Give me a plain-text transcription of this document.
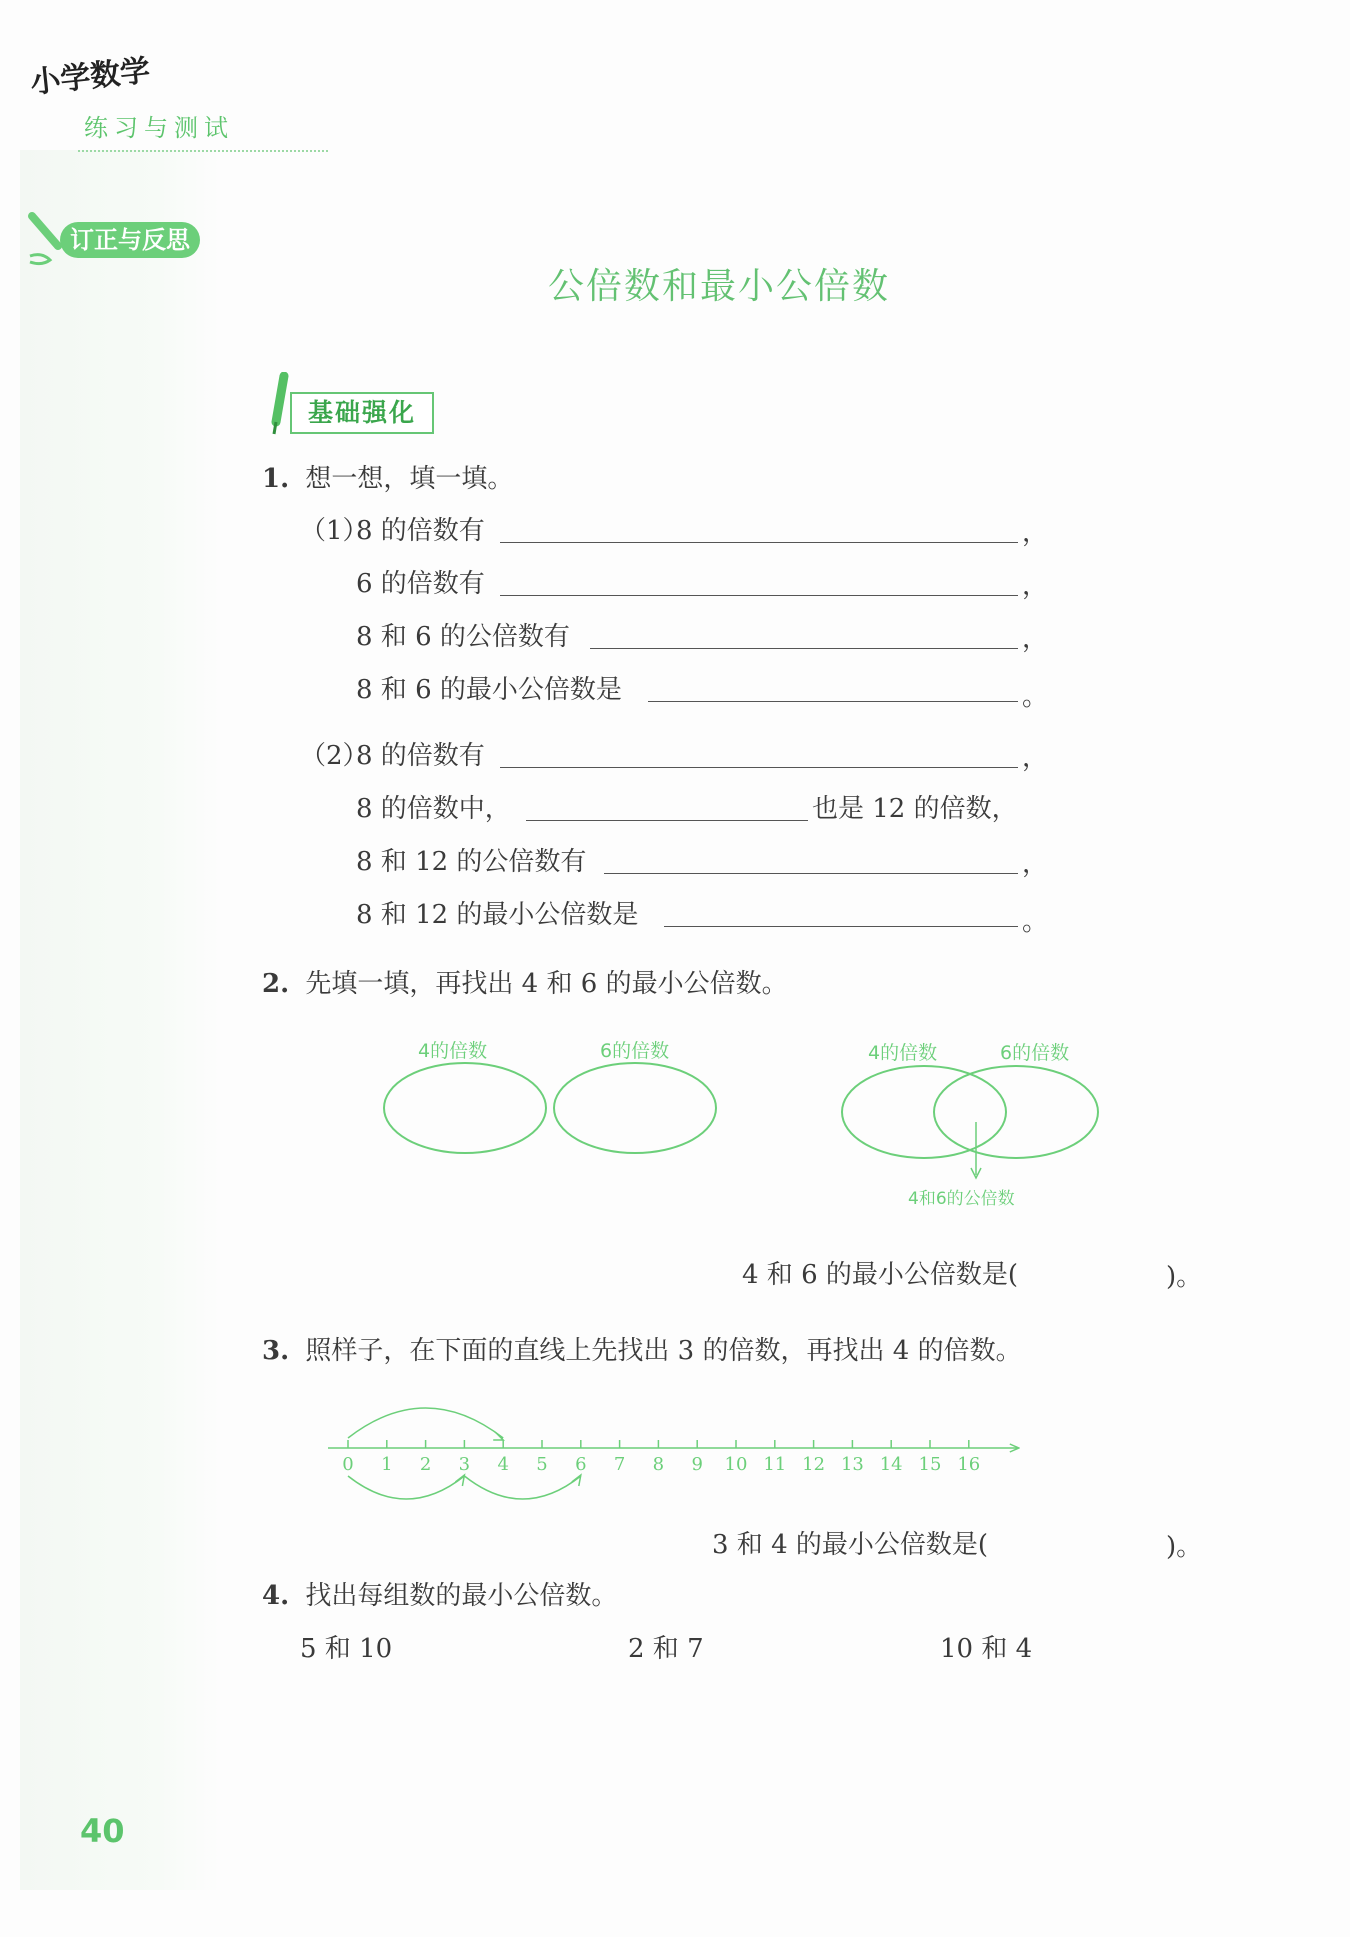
小学数学
练习与测试
订正与反思
公倍数和最小公倍数
基础强化
1. 想一想，填一填。
（1）
8 的倍数有	，
6 的倍数有	，
8 和 6 的公倍数有	，
8 和 6 的最小公倍数是	。
（2）
8 的倍数有	，
8 的倍数中，	也是 12 的倍数，
8 和 12 的公倍数有	，
8 和 12 的最小公倍数是	。
2. 先填一填，再找出 4 和 6 的最小公倍数。
4的倍数	6的倍数	4的倍数	6的倍数
4和6的公倍数
4 和 6 的最小公倍数是(	)。
3. 照样子，在下面的直线上先找出 3 的倍数，再找出 4 的倍数。
0 1 2 3 4 5 6 7 8 9 10 11 12 13 14 15 16
3 和 4 的最小公倍数是(	)。
4. 找出每组数的最小公倍数。
5 和 10	2 和 7	10 和 4
40
